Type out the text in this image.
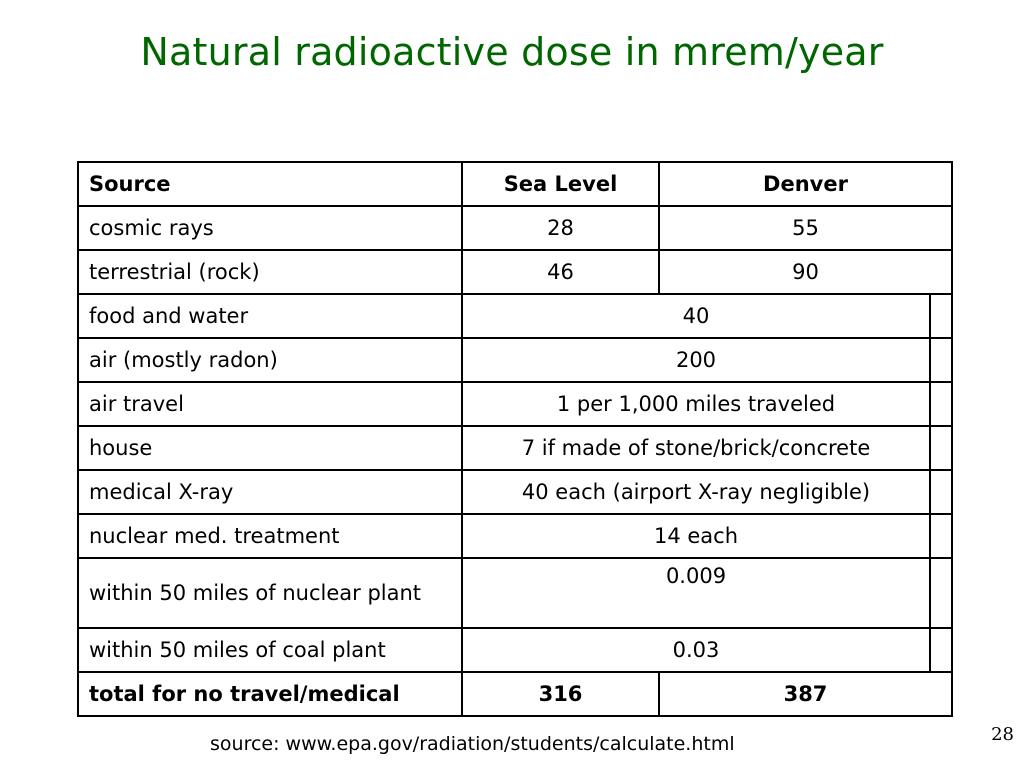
Natural radioactive dose in mrem/year
Source	Sea Level	Denver	
cosmic rays	28	55	
terrestrial (rock)	46	90	
food and water	40		
air (mostly radon)	200		
air travel	1 per 1,000 miles traveled		
house	7 if made of stone/brick/concrete		
medical X-ray	40 each (airport X-ray negligible)		
nuclear med. treatment	14 each		
within 50 miles of nuclear plant	0.009		
within 50 miles of coal plant	0.03		
total for no travel/medical	316	387	
source: www.epa.gov/radiation/students/calculate.html	28
